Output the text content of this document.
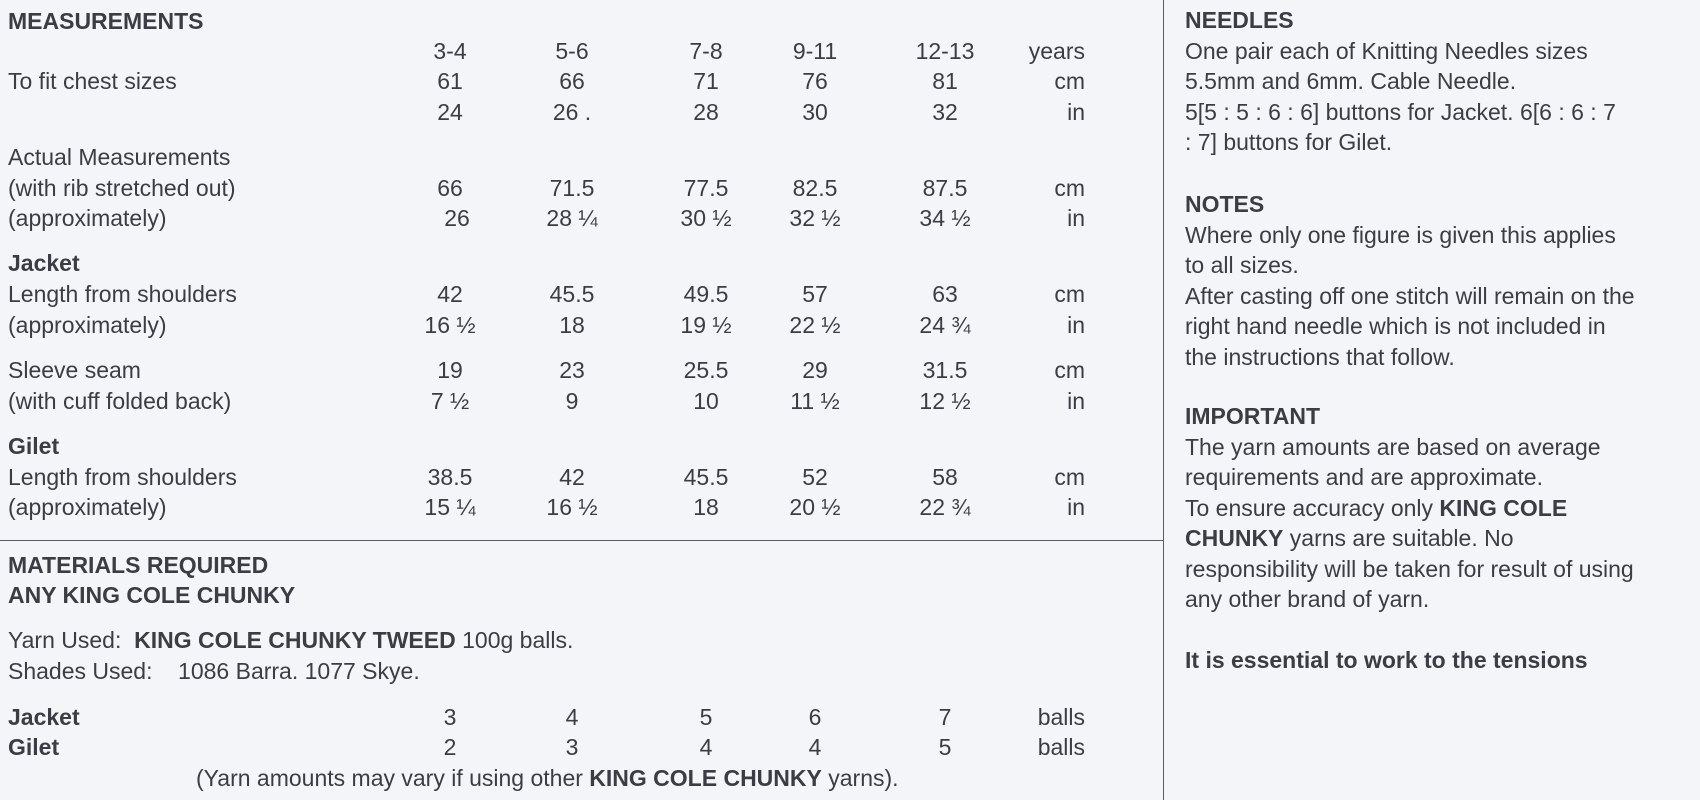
MEASUREMENTS
3-4	5-6	7-8	9-11	12-13	years
To fit chest sizes	61	66	71	76	81	cm
24	26 .	28	30	32	in
Actual Measurements
(with rib stretched out)
(approximately)
66	71.5	77.5	82.5	87.5	cm
26	28 ¼	30 ½	32 ½	34 ½	in
Jacket
Length from shoulders
(approximately)
42	45.5	49.5	57	63	cm
16 ½	18	19 ½	22 ½	24 ¾	in
Sleeve seam
(with cuff folded back)
19	23	25.5	29	31.5	cm
7 ½	9	10	11 ½	12 ½	in
Gilet
Length from shoulders
(approximately)
38.5	42	45.5	52	58	cm
15 ¼	16 ½	18	20 ½	22 ¾	in
MATERIALS REQUIRED
ANY KING COLE CHUNKY
Yarn Used: KING COLE CHUNKY TWEED 100g balls.
Shades Used: 1086 Barra. 1077 Skye.
Jacket	3	4	5	6	7	balls
Gilet	2	3	4	4	5	balls
(Yarn amounts may vary if using other KING COLE CHUNKY yarns).

NEEDLES

One pair each of Knitting Needles sizes

5.5mm and 6mm. Cable Needle.

5[5 : 5 : 6 : 6] buttons for Jacket. 6[6 : 6 : 7

: 7] buttons for Gilet.

NOTES

Where only one figure is given this applies

to all sizes.

After casting off one stitch will remain on the

right hand needle which is not included in

the instructions that follow.

IMPORTANT

The yarn amounts are based on average

requirements and are approximate.

To ensure accuracy only KING COLE

CHUNKY yarns are suitable. No

responsibility will be taken for result of using

any other brand of yarn.

It is essential to work to the tensions
